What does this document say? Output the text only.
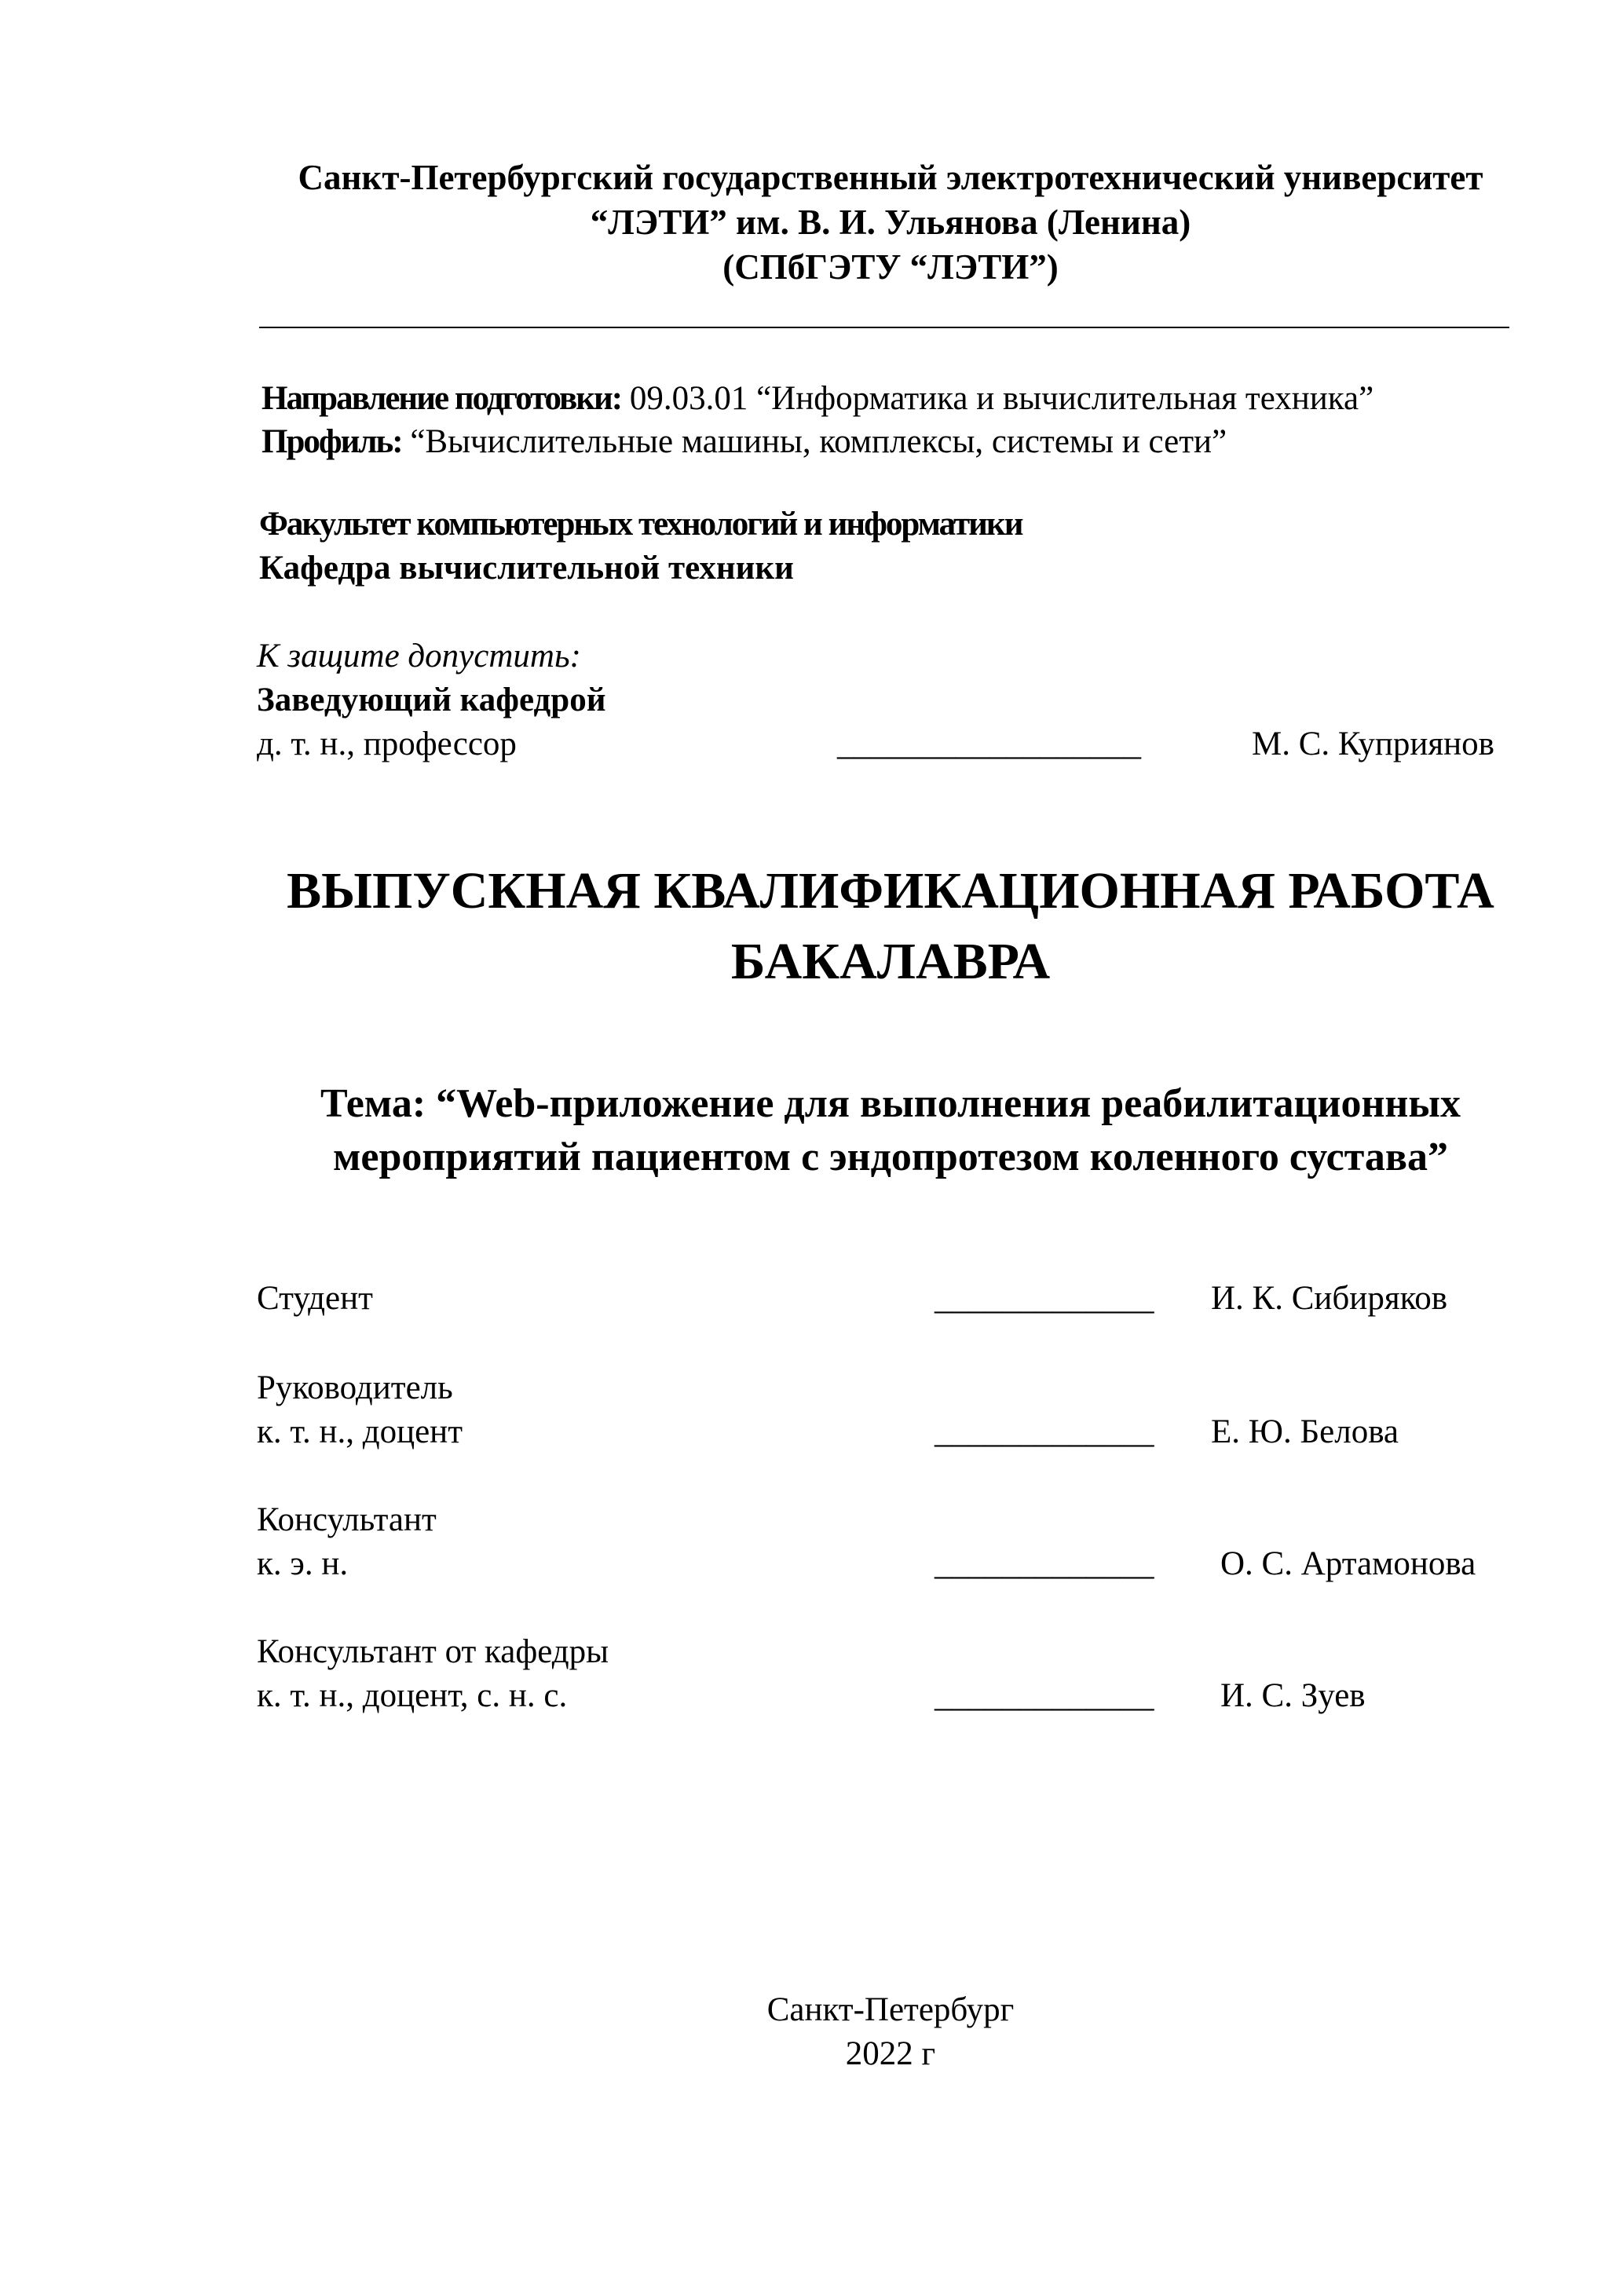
Санкт-Петербургский государственный электротехнический университет
“ЛЭТИ” им. В. И. Ульянова (Ленина)
(СПбГЭТУ “ЛЭТИ”)
Направление подготовки: 09.03.01 “Информатика и вычислительная техника”
Профиль: “Вычислительные машины, комплексы, системы и сети”
Факультет компьютерных технологий и информатики
Кафедра вычислительной техники
К защите допустить:
Заведующий кафедрой
д. т. н., профессор	__________________	М. С. Куприянов
ВЫПУСКНАЯ КВАЛИФИКАЦИОННАЯ РАБОТА
БАКАЛАВРА
Тема: “Web-приложение для выполнения реабилитационных
мероприятий пациентом с эндопротезом коленного сустава”
Студент	_____________ И. К. Сибиряков
Руководитель
к. т. н., доцент	_____________ Е. Ю. Белова
Консультант
к. э. н.	_____________ О. С. Артамонова
Консультант от кафедры
к. т. н., доцент, с. н. с.	_____________ И. С. Зуев
Санкт-Петербург
2022 г
